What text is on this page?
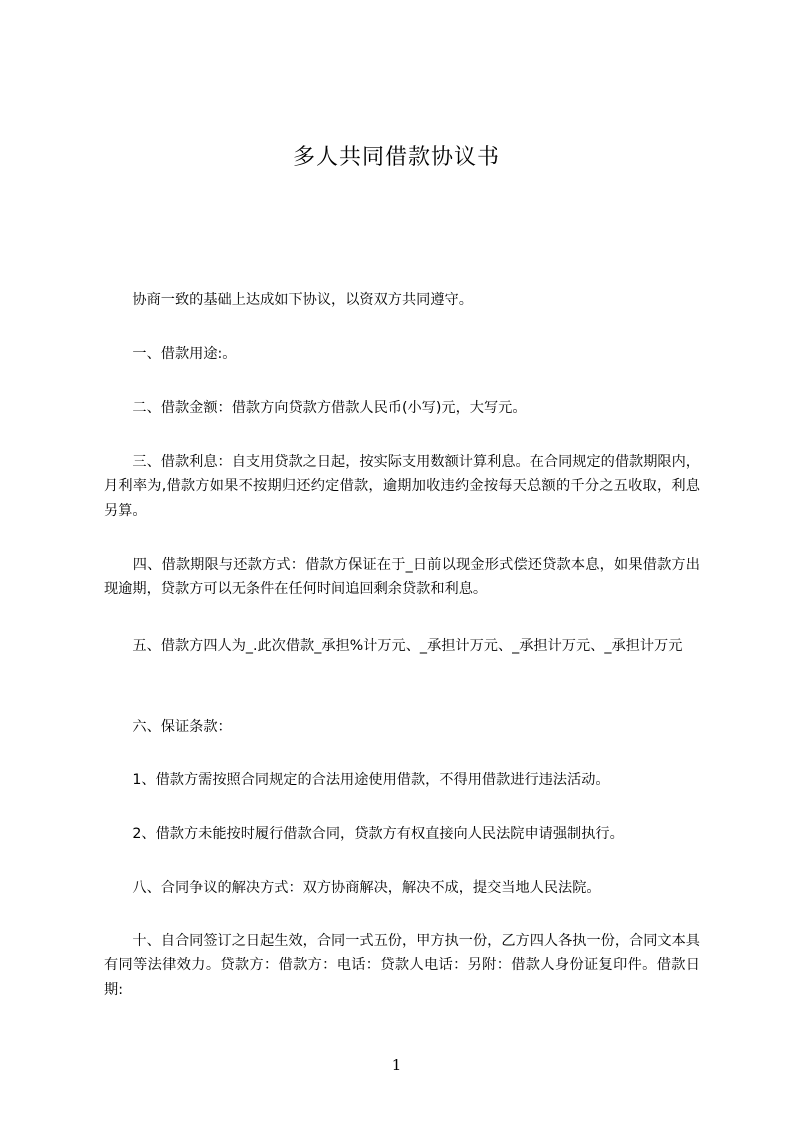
多人共同借款协议书
　　协商一致的基础上达成如下协议，以资双方共同遵守。
　　一、借款用途:。
　　二、借款金额：借款方向贷款方借款人民币(小写)元，大写元。
　　三、借款利息：自支用贷款之日起，按实际支用数额计算利息。在合同规定的借款期限内，月利率为,借款方如果不按期归还约定借款，逾期加收违约金按每天总额的千分之五收取，利息另算。
　　四、借款期限与还款方式：借款方保证在于_日前以现金形式偿还贷款本息，如果借款方出现逾期，贷款方可以无条件在任何时间追回剩余贷款和利息。
　　五、借款方四人为_.此次借款_承担%计万元、_承担计万元、_承担计万元、_承担计万元
　　六、保证条款：
　　1、借款方需按照合同规定的合法用途使用借款，不得用借款进行违法活动。
　　2、借款方未能按时履行借款合同，贷款方有权直接向人民法院申请强制执行。
　　八、合同争议的解决方式：双方协商解决，解决不成，提交当地人民法院。
　　十、自合同签订之日起生效，合同一式五份，甲方执一份，乙方四人各执一份，合同文本具有同等法律效力。贷款方：借款方：电话：贷款人电话：另附：借款人身份证复印件。借款日期:
1
